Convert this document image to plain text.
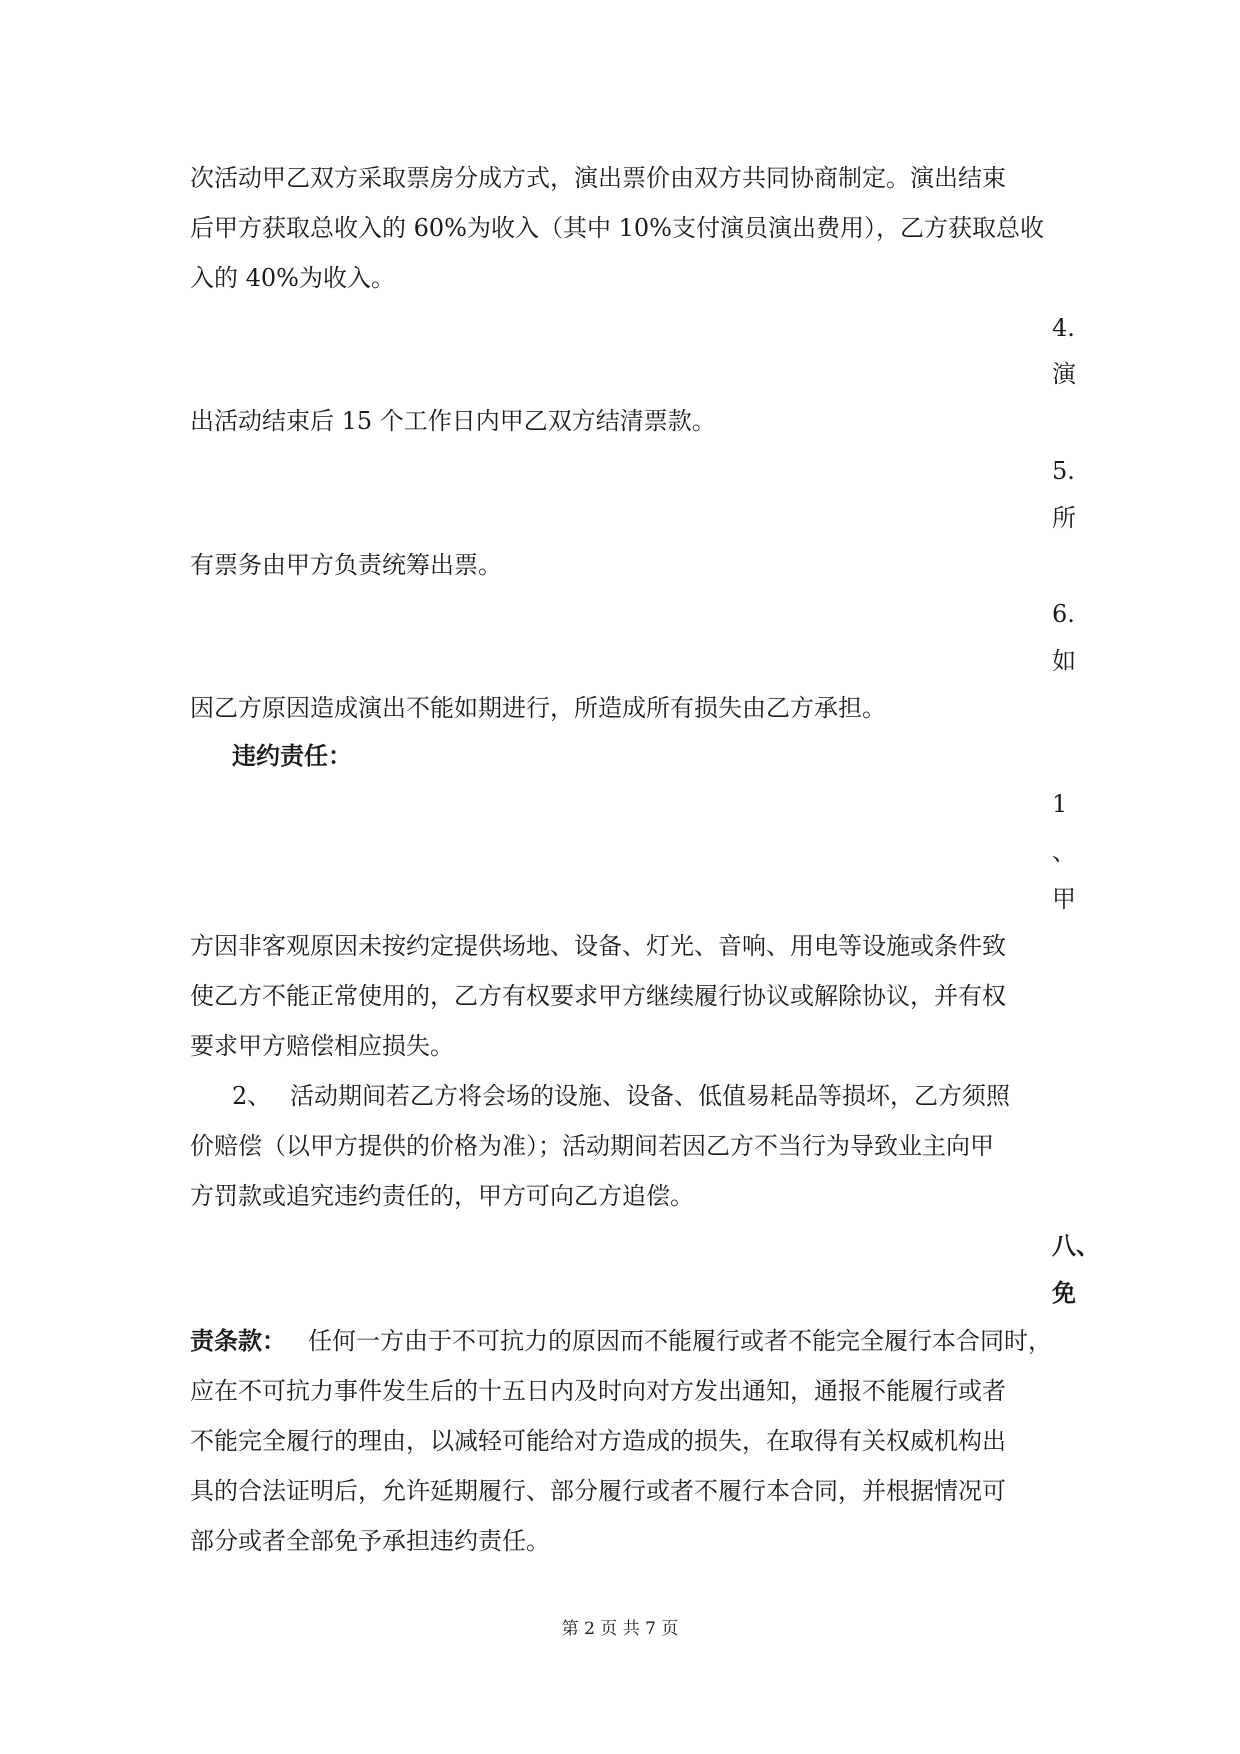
次活动甲乙双方采取票房分成方式，演出票价由双方共同协商制定。演出结束
后甲方获取总收入的 60%为收入（其中 10%支付演员演出费用），乙方获取总收
入的 40%为收入。
4.
演
出活动结束后 15 个工作日内甲乙双方结清票款。
5.
所
有票务由甲方负责统筹出票。
6.
如
因乙方原因造成演出不能如期进行，所造成所有损失由乙方承担。
违约责任：
1
、
甲
方因非客观原因未按约定提供场地、设备、灯光、音响、用电等设施或条件致
使乙方不能正常使用的，乙方有权要求甲方继续履行协议或解除协议，并有权
要求甲方赔偿相应损失。
2、 活动期间若乙方将会场的设施、设备、低值易耗品等损坏，乙方须照
价赔偿（以甲方提供的价格为准）；活动期间若因乙方不当行为导致业主向甲
方罚款或追究违约责任的，甲方可向乙方追偿。
八、
免
责条款： 任何一方由于不可抗力的原因而不能履行或者不能完全履行本合同时，
应在不可抗力事件发生后的十五日内及时向对方发出通知，通报不能履行或者
不能完全履行的理由，以减轻可能给对方造成的损失，在取得有关权威机构出
具的合法证明后，允许延期履行、部分履行或者不履行本合同，并根据情况可
部分或者全部免予承担违约责任。
第 2 页 共 7 页
